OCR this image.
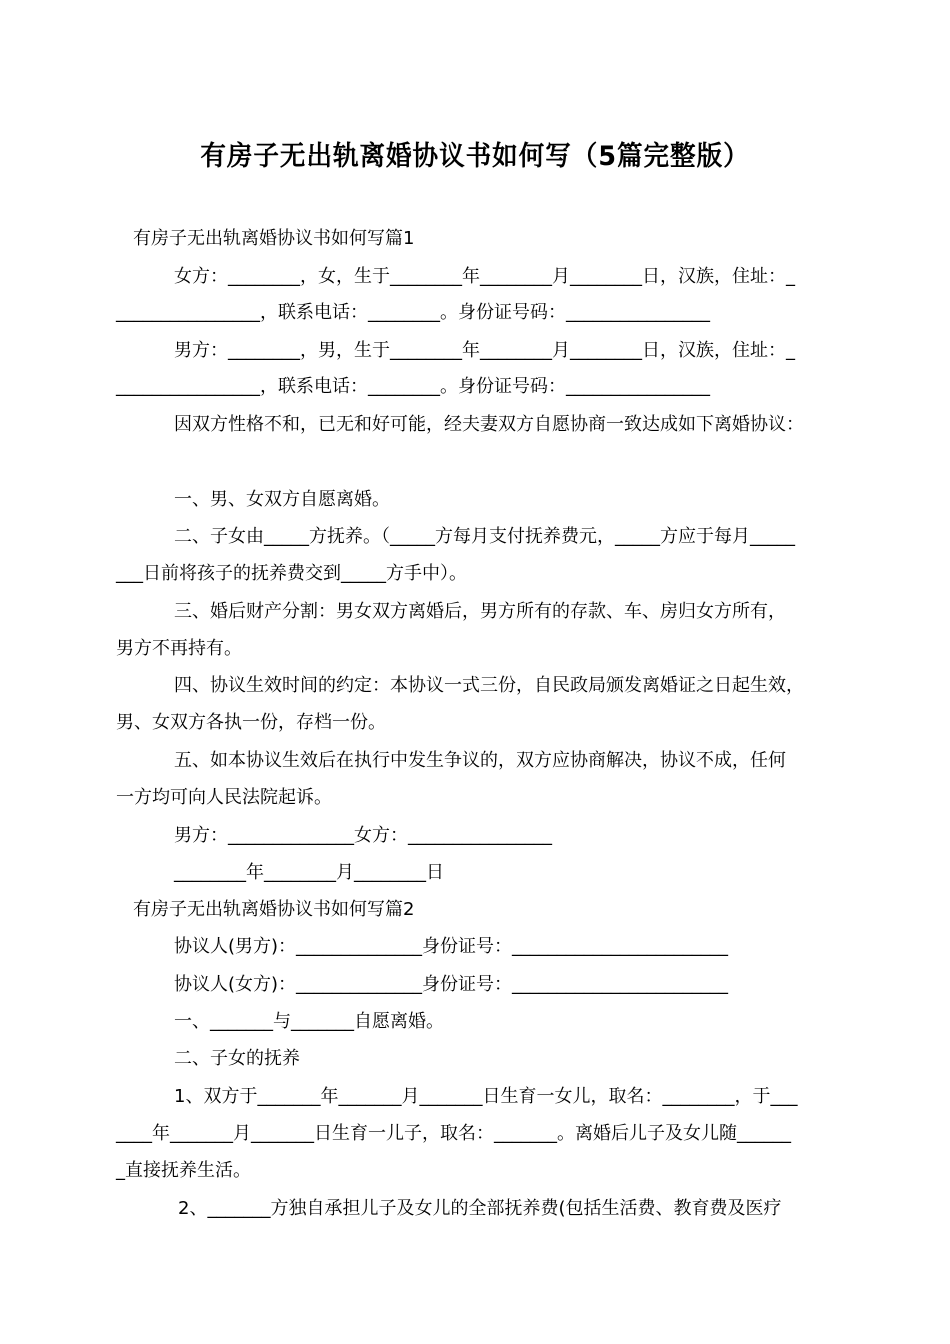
有房子无出轨离婚协议书如何写（5篇完整版）
有房子无出轨离婚协议书如何写篇1
女方：________，女，生于________年________月________日，汉族，住址：_
________________，联系电话：________。身份证号码：________________
男方：________，男，生于________年________月________日，汉族，住址：_
________________，联系电话：________。身份证号码：________________
因双方性格不和，已无和好可能，经夫妻双方自愿协商一致达成如下离婚协议：
一、男、女双方自愿离婚。
二、子女由_____方抚养。（_____方每月支付抚养费元，_____方应于每月_____
___日前将孩子的抚养费交到_____方手中）。
三、婚后财产分割：男女双方离婚后，男方所有的存款、车、房归女方所有，
男方不再持有。
四、协议生效时间的约定：本协议一式三份，自民政局颁发离婚证之日起生效，
男、女双方各执一份，存档一份。
五、如本协议生效后在执行中发生争议的，双方应协商解决，协议不成，任何
一方均可向人民法院起诉。
男方：______________女方：________________
________年________月________日
有房子无出轨离婚协议书如何写篇2
协议人(男方)：______________身份证号：________________________
协议人(女方)：______________身份证号：________________________
一、_______与_______自愿离婚。
二、子女的抚养
1、双方于_______年_______月_______日生育一女儿，取名：________，于___
____年_______月_______日生育一儿子，取名：_______。离婚后儿子及女儿随______
_直接抚养生活。
2、_______方独自承担儿子及女儿的全部抚养费(包括生活费、教育费及医疗
